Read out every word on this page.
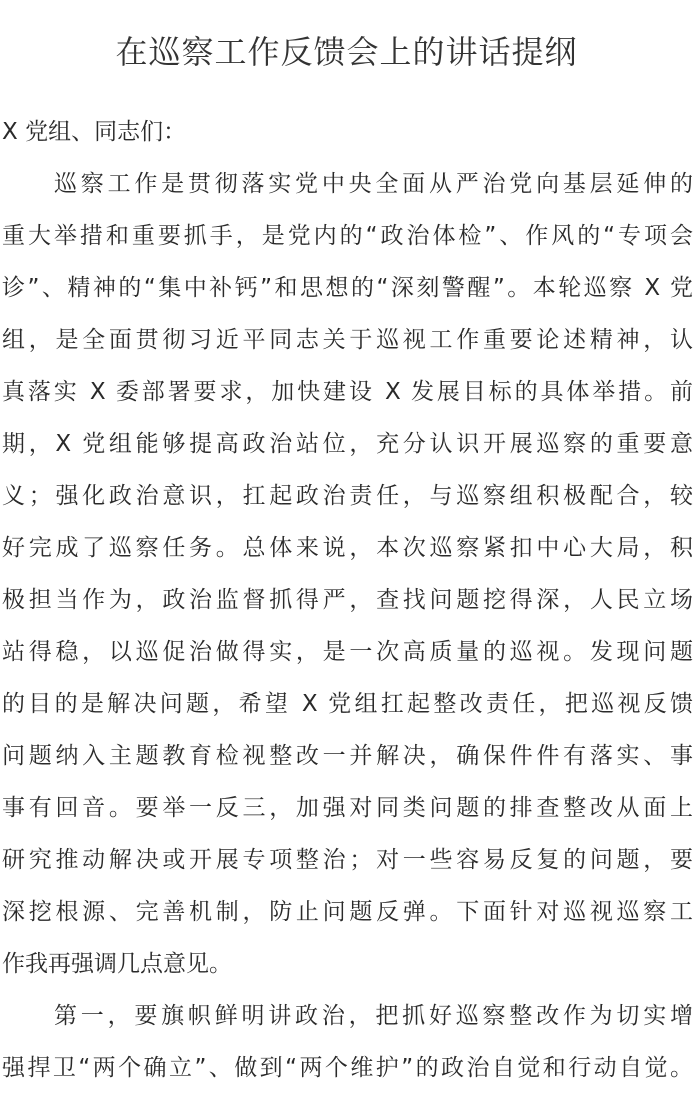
在巡察工作反馈会上的讲话提纲
X 党组、同志们：
巡察工作是贯彻落实党中央全面从严治党向基层延伸的
重大举措和重要抓手，是党内的“政治体检”、作风的“专项会
诊”、精神的“集中补钙”和思想的“深刻警醒”。本轮巡察 X 党
组，是全面贯彻习近平同志关于巡视工作重要论述精神，认
真落实 X 委部署要求，加快建设 X 发展目标的具体举措。前
期，X 党组能够提高政治站位，充分认识开展巡察的重要意
义；强化政治意识，扛起政治责任，与巡察组积极配合，较
好完成了巡察任务。总体来说，本次巡察紧扣中心大局，积
极担当作为，政治监督抓得严，查找问题挖得深，人民立场
站得稳，以巡促治做得实，是一次高质量的巡视。发现问题
的目的是解决问题，希望 X 党组扛起整改责任，把巡视反馈
问题纳入主题教育检视整改一并解决，确保件件有落实、事
事有回音。要举一反三，加强对同类问题的排查整改从面上
研究推动解决或开展专项整治；对一些容易反复的问题，要
深挖根源、完善机制，防止问题反弹。下面针对巡视巡察工
作我再强调几点意见。
第一，要旗帜鲜明讲政治，把抓好巡察整改作为切实增
强捍卫“两个确立”、做到“两个维护”的政治自觉和行动自觉。
